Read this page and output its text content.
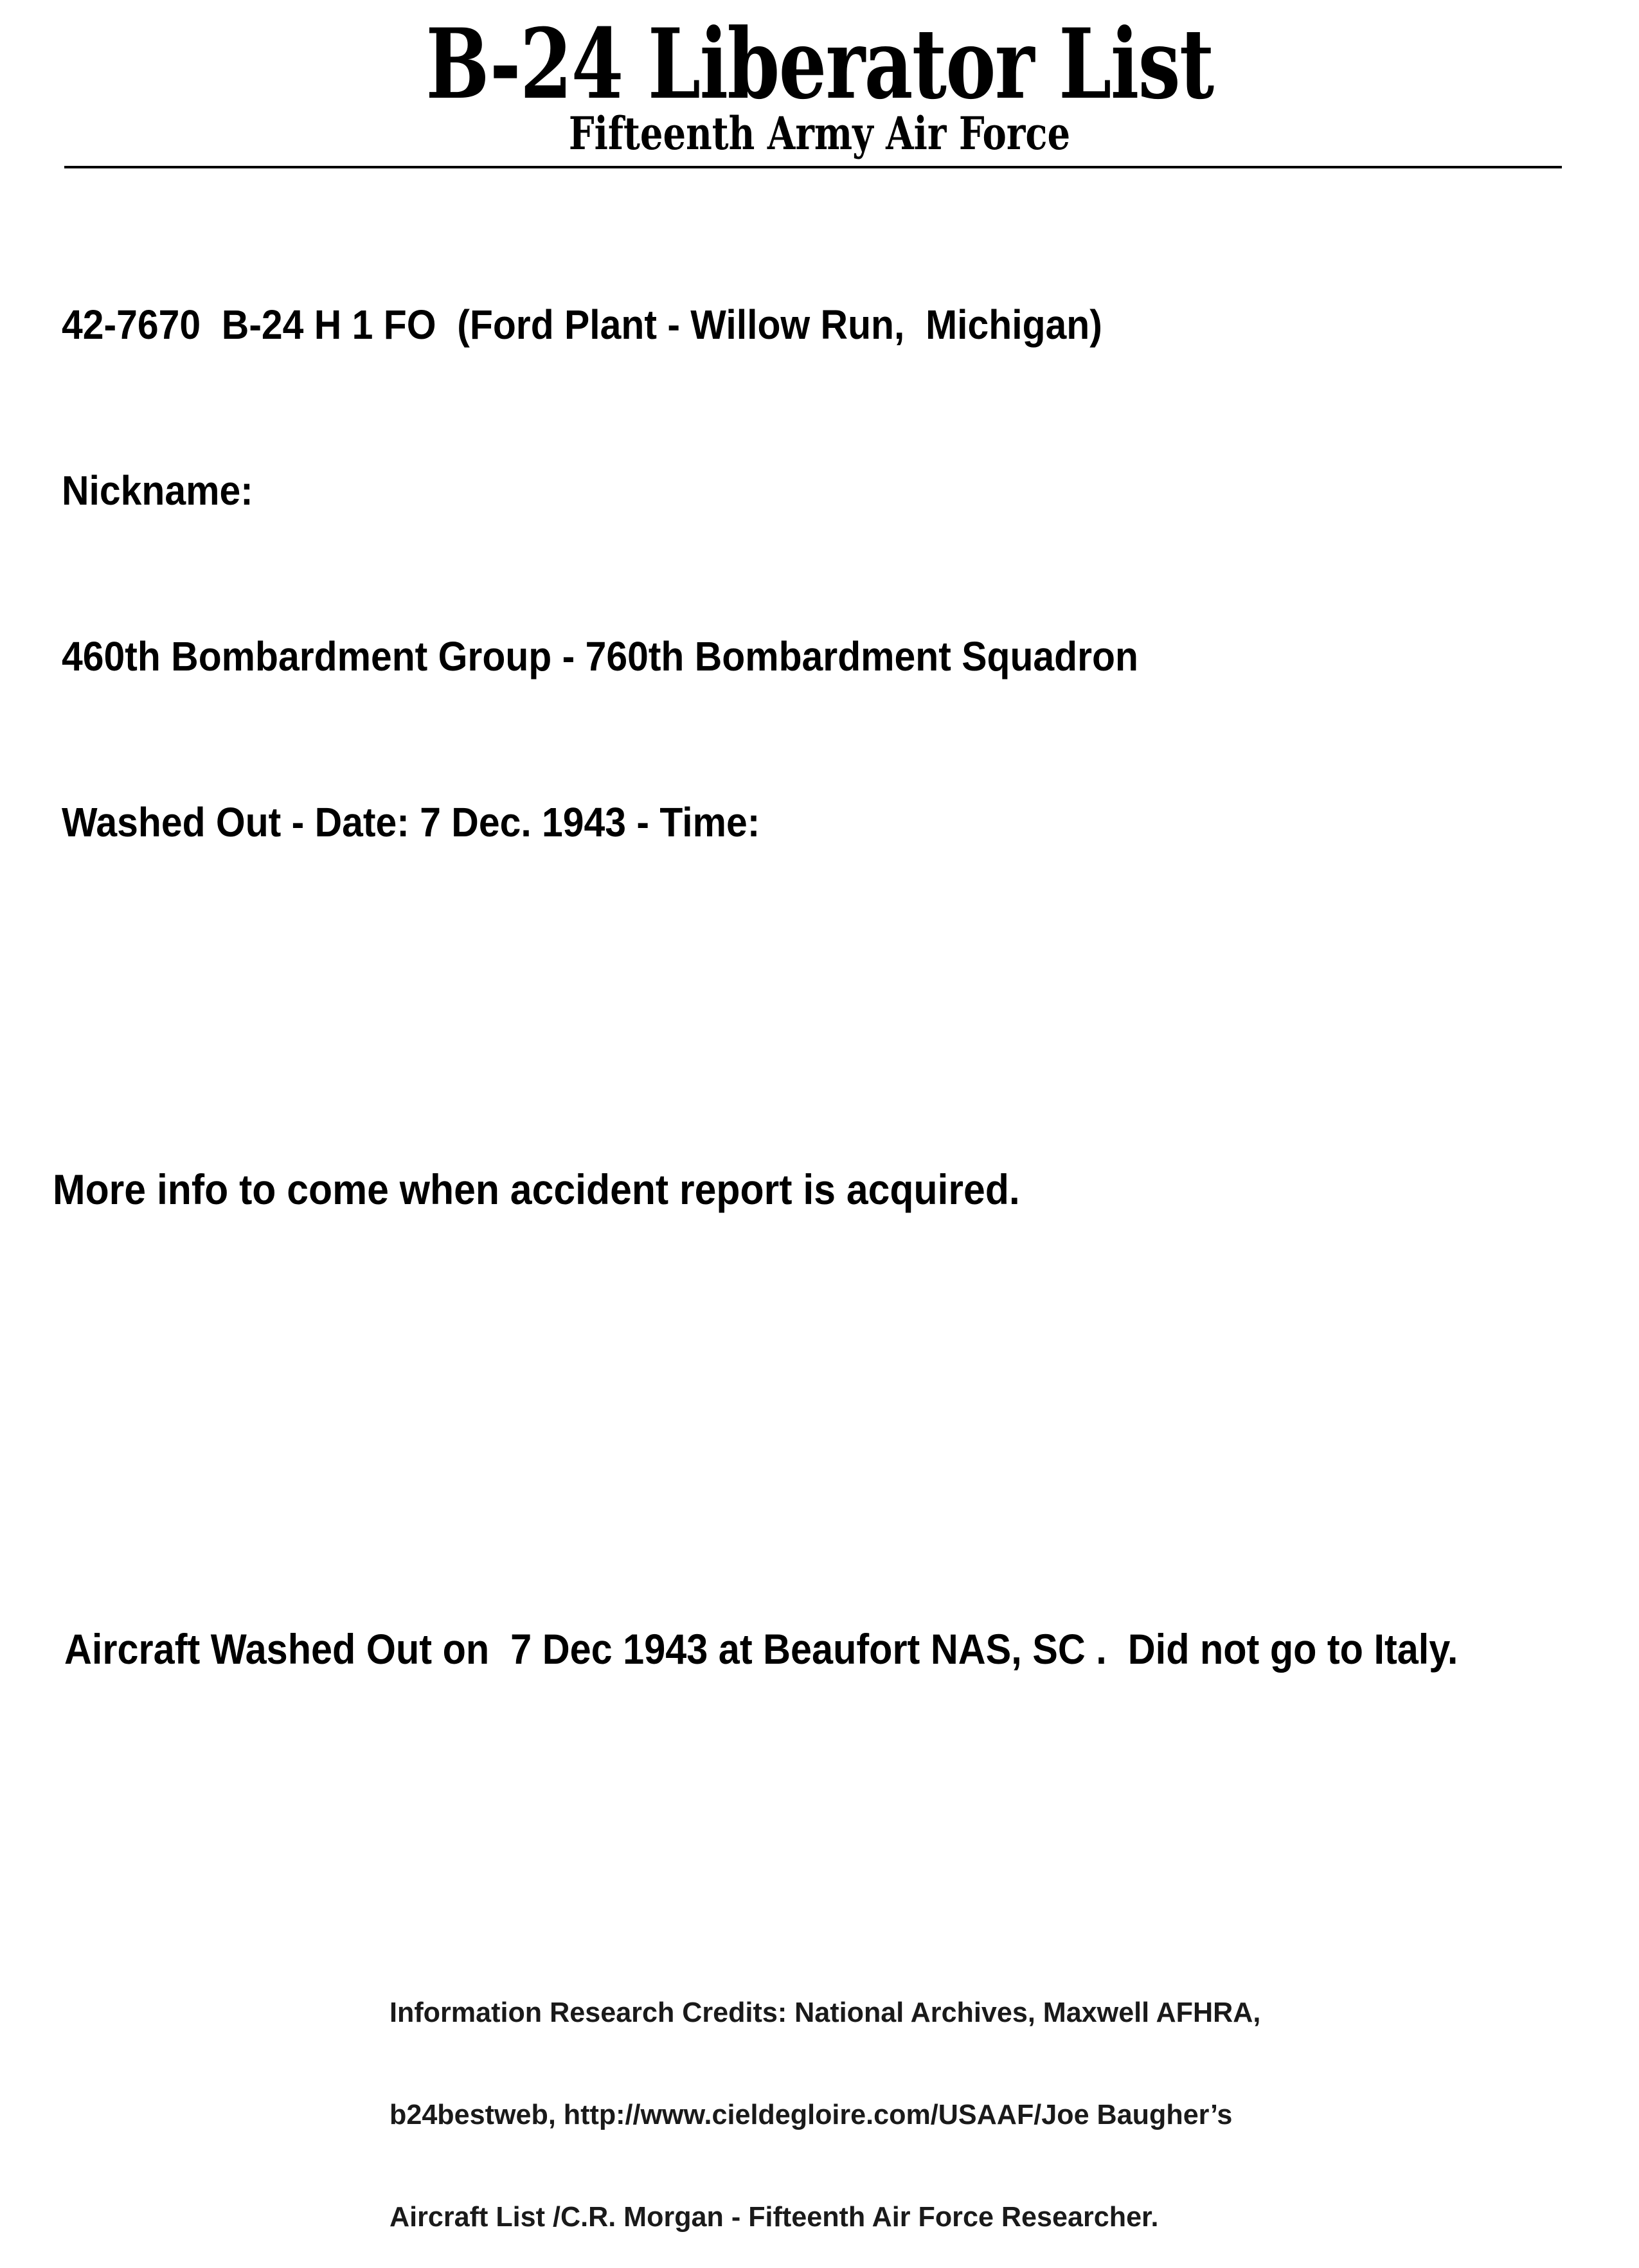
B-24 Liberator List
Fifteenth Army Air Force

42-7670  B-24 H 1 FO  (Ford Plant - Willow Run,  Michigan)

Nickname:

460th Bombardment Group - 760th Bombardment Squadron

Washed Out - Date: 7 Dec. 1943 - Time:

More info to come when accident report is acquired.
Aircraft Washed Out on  7 Dec 1943 at Beaufort NAS, SC .  Did not go to Italy.

Information Research Credits: National Archives, Maxwell AFHRA,

b24bestweb, http://www.cieldegloire.com/USAAF/Joe Baugher’s

Aircraft List /C.R. Morgan - Fifteenth Air Force Researcher.
